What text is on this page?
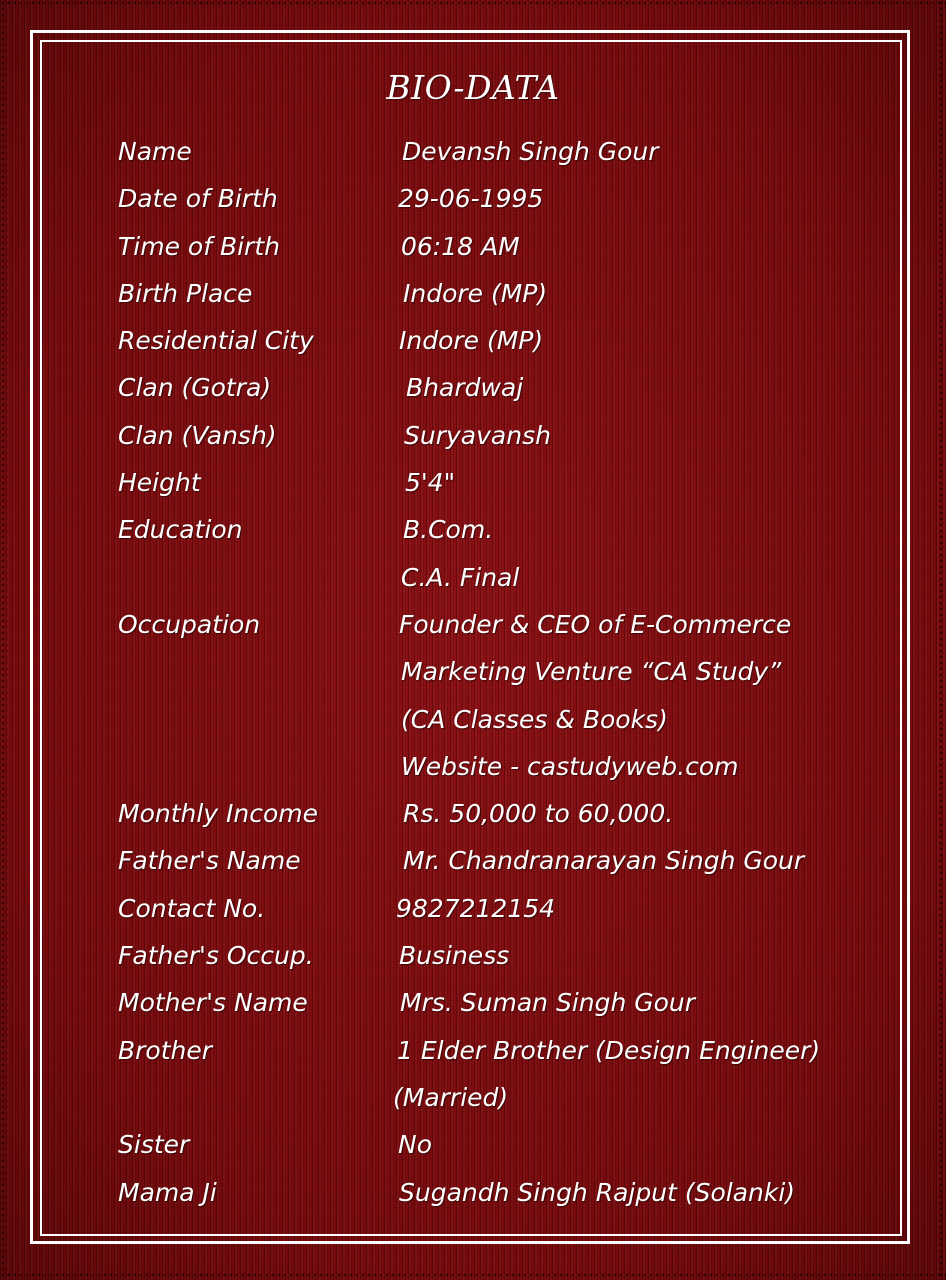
BIO-DATA
Name	Devansh Singh Gour
Date of Birth	29-06-1995
Time of Birth	06:18 AM
Birth Place	Indore (MP)
Residential City	Indore (MP)
Clan (Gotra)	Bhardwaj
Clan (Vansh)	Suryavansh
Height	5'4"
Education	B.Com.
C.A. Final
Occupation	Founder & CEO of E-Commerce
Marketing Venture “CA Study”
(CA Classes & Books)
Website - castudyweb.com
Monthly Income	Rs. 50,000 to 60,000.
Father's Name	Mr. Chandranarayan Singh Gour
Contact No.	9827212154
Father's Occup.	Business
Mother's Name	Mrs. Suman Singh Gour
Brother	1 Elder Brother (Design Engineer)
(Married)
Sister	No
Mama Ji	Sugandh Singh Rajput (Solanki)
